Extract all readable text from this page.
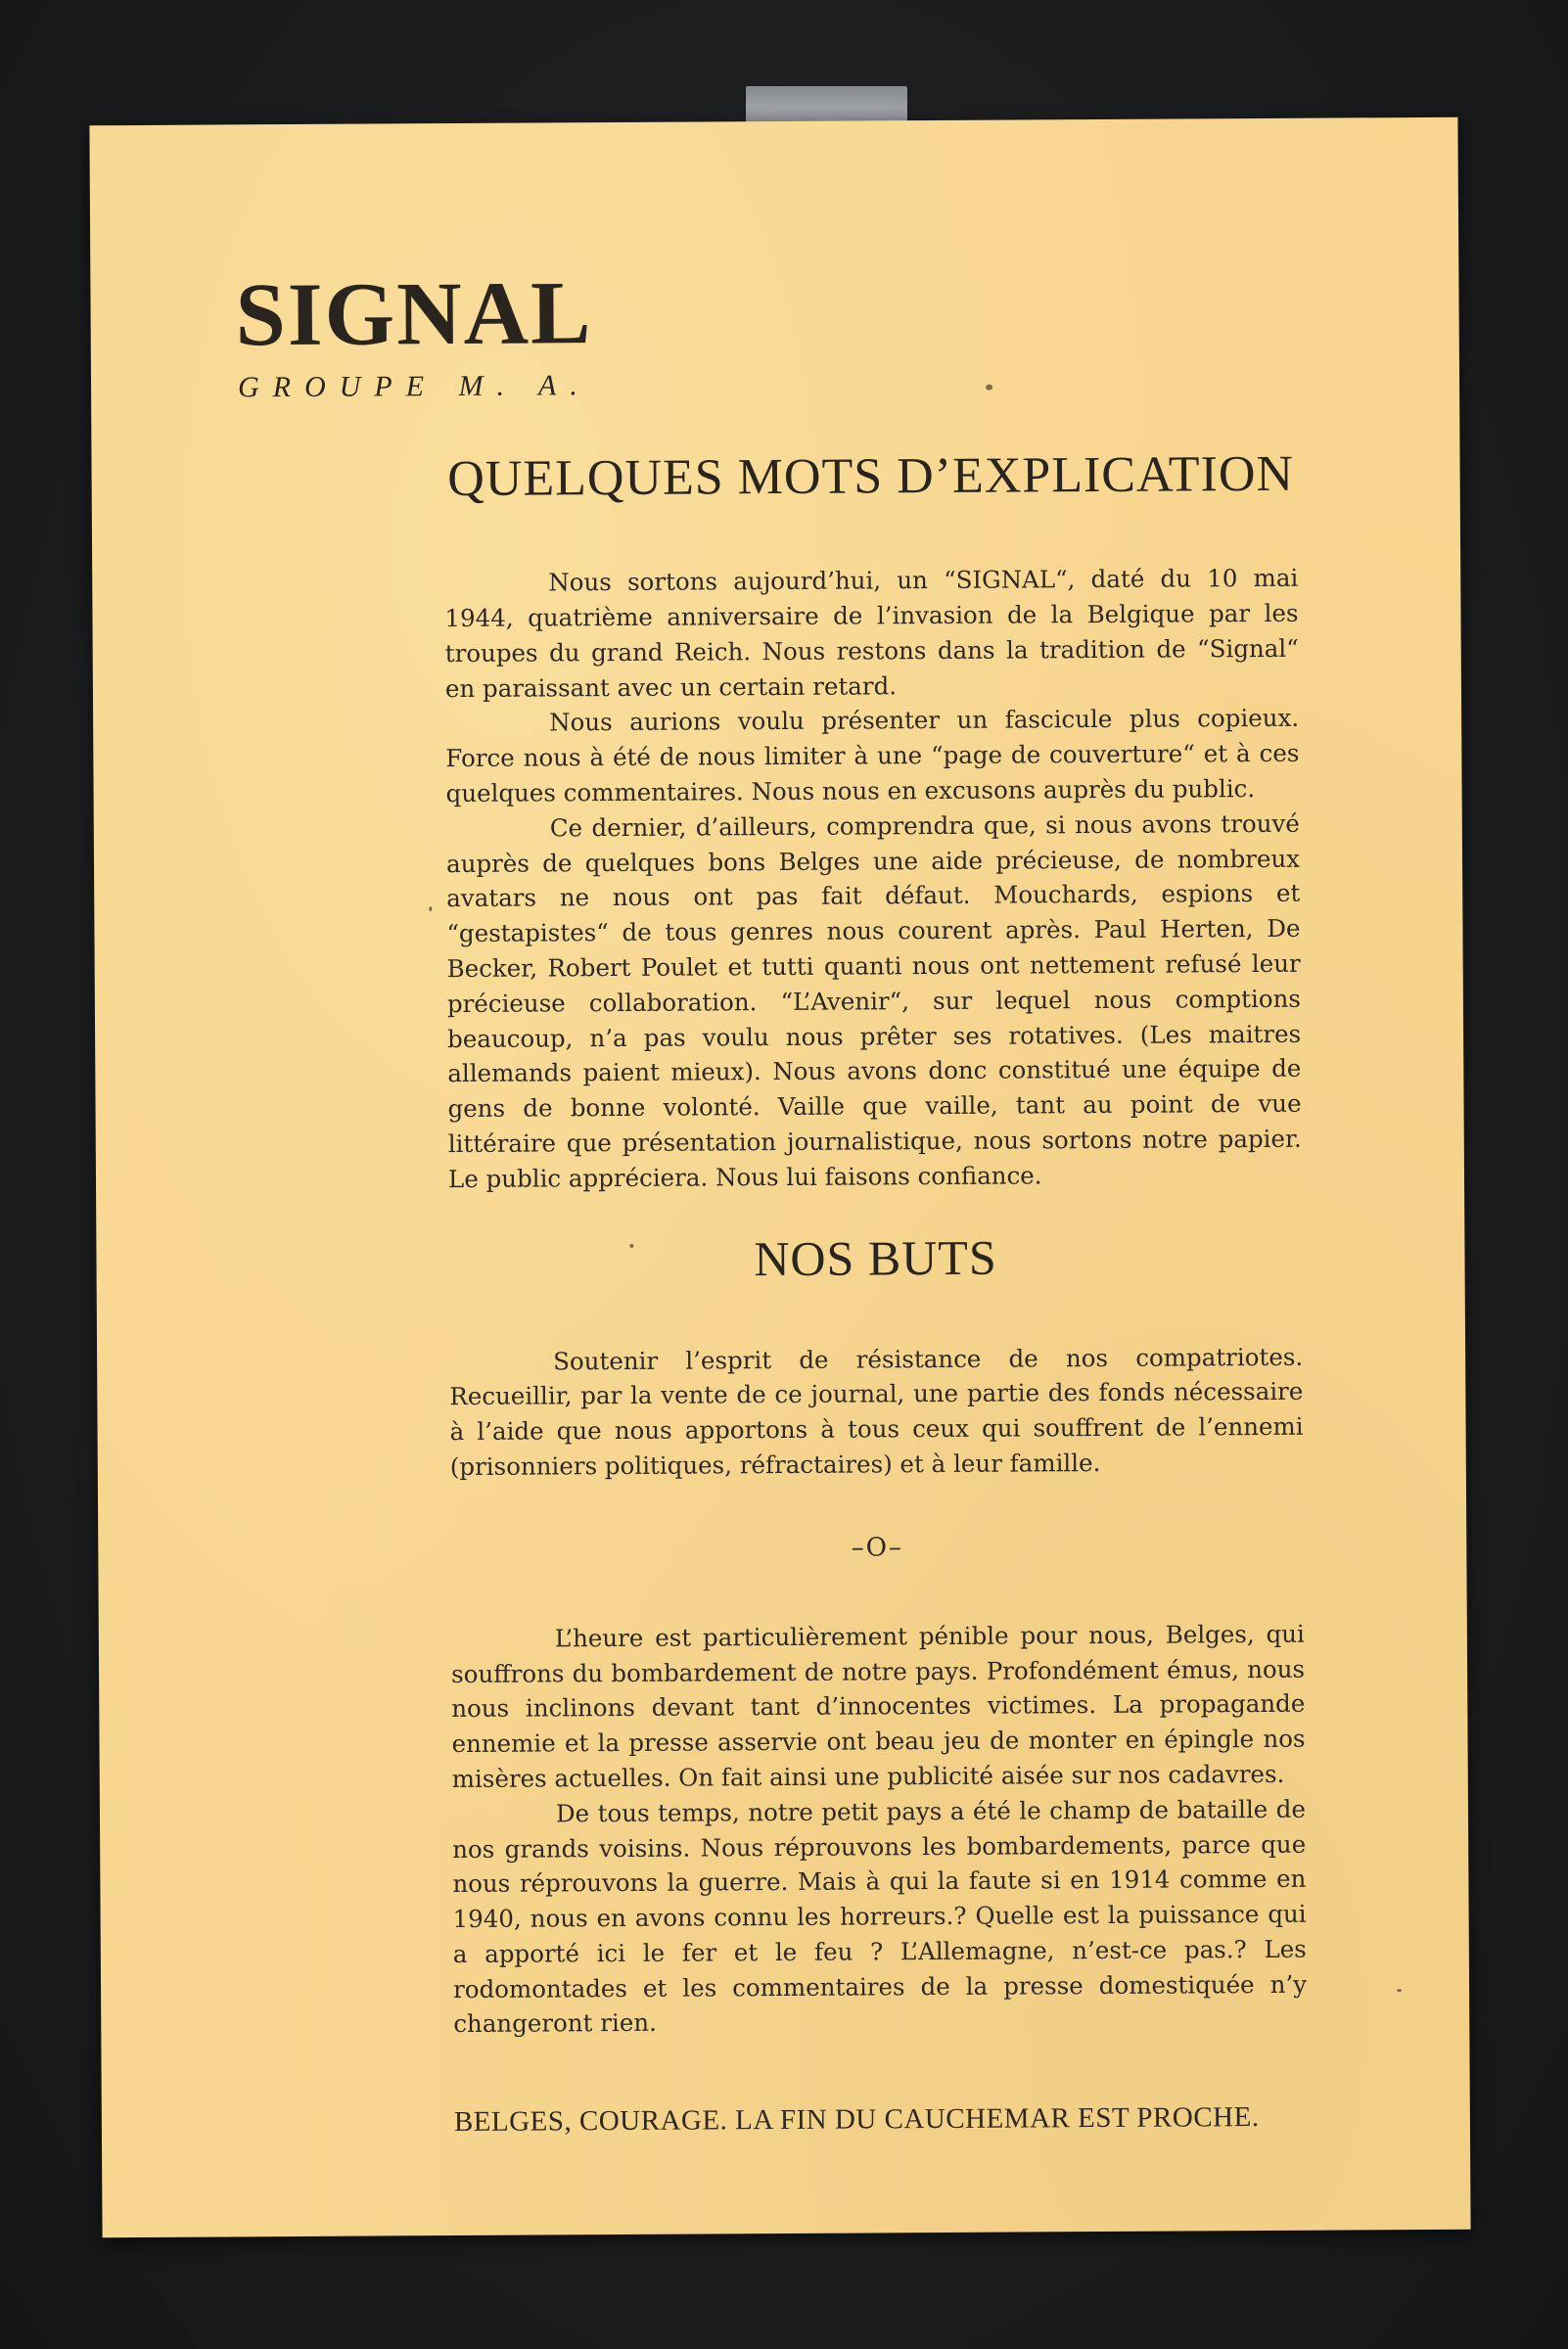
SIGNAL
GROUPE M. A.
QUELQUES MOTS D’EXPLICATION

Nous sortons aujourd’hui, un “SIGNAL“, daté du 10 mai 1944, quatrième anniversaire de l’invasion de la Belgique par les troupes du grand Reich. Nous restons dans la tradition de “Signal“ en paraissant avec un certain retard.

Nous aurions voulu présenter un fascicule plus copieux. Force nous à été de nous limiter à une “page de couverture“ et à ces quelques commentaires. Nous nous en excusons auprès du public.

Ce dernier, d’ailleurs, comprendra que, si nous avons trouvé auprès de quelques bons Belges une aide précieuse, de nombreux avatars ne nous ont pas fait défaut. Mouchards, espions et “gestapistes“ de tous genres nous courent après. Paul Herten, De Becker, Robert Poulet et tutti quanti nous ont nettement refusé leur précieuse collaboration. “L’Avenir“, sur lequel nous comptions beaucoup, n’a pas voulu nous prêter ses rotatives. (Les maitres allemands paient mieux). Nous avons donc constitué une équipe de gens de bonne volonté. Vaille que vaille, tant au point de vue littéraire que présentation journalistique, nous sortons notre papier. Le public appréciera. Nous lui faisons confiance.

NOS BUTS

Soutenir l’esprit de résistance de nos compatriotes. Recueillir, par la vente de ce journal, une partie des fonds nécessaire à l’aide que nous apportons à tous ceux qui souffrent de l’ennemi (prisonniers politiques, réfractaires) et à leur famille.

–O–

L’heure est particulièrement pénible pour nous, Belges, qui souffrons du bombardement de notre pays. Profondément émus, nous nous inclinons devant tant d’innocentes victimes. La propagande ennemie et la presse asservie ont beau jeu de monter en épingle nos misères actuelles. On fait ainsi une publicité aisée sur nos cadavres.

De tous temps, notre petit pays a été le champ de bataille de nos grands voisins. Nous réprouvons les bombardements, parce que nous réprouvons la guerre. Mais à qui la faute si en 1914 comme en 1940, nous en avons connu les horreurs.? Quelle est la puissance qui a apporté ici le fer et le feu ? L’Allemagne, n’est-ce pas.? Les rodomontades et les commentaires de la presse domestiquée n’y changeront rien.

BELGES, COURAGE. LA FIN DU CAUCHEMAR EST PROCHE.
